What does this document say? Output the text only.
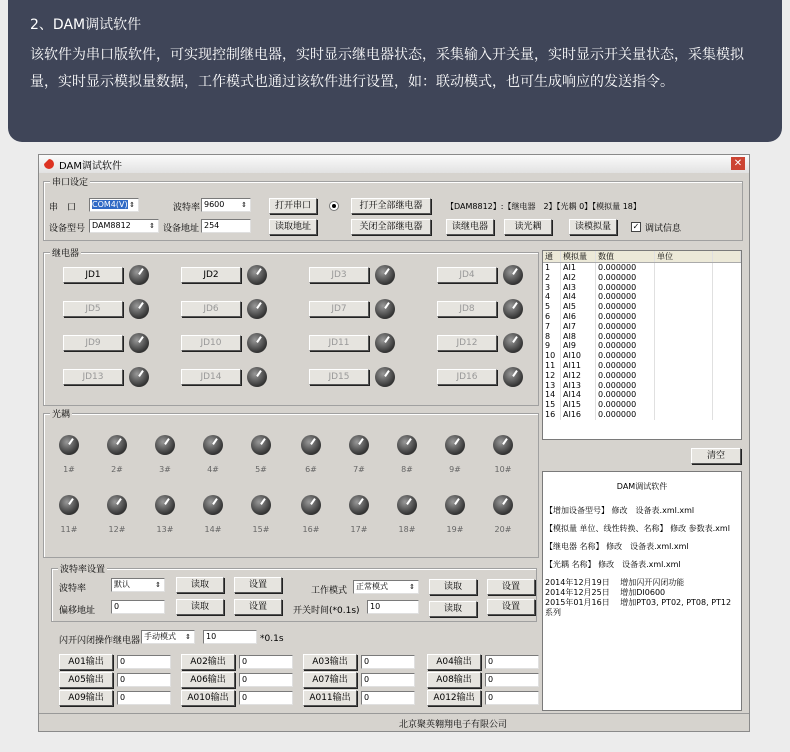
2、DAM调试软件
该软件为串口版软件，可实现控制继电器，实时显示继电器状态，采集输入开关量，实时显示开关量状态，采集模拟量，实时显示模拟量数据，工作模式也通过该软件进行设置，如：联动模式，也可生成响应的发送指令。
DAM调试软件	✕
串口设定
串　口	COM4(V) ⇕	波特率 9600 ⇕
设备型号 DAM8812	⇕ 设备地址 254
打开串口
读取地址
打开全部继电器
关闭全部继电器
【DAM8812】:【继电器　2】【光耦 0】【模拟量 18】
读继电器	读光耦	读模拟量	✓ 调试信息
继电器
JD1	JD2	JD3	JD4
JD5	JD6	JD7	JD8
JD9	JD10	JD11	JD12
JD13	JD14	JD15	JD16
光耦
1#	2#	3#	4#	5#	6#	7#	8#	9#	10#
11#	12#	13#	14#	15#	16#	17#	18#	19#	20#
通	模拟量	数值	单位
1	AI1	0.000000
2	AI2	0.000000
3	AI3	0.000000
4	AI4	0.000000
5	AI5	0.000000
6	AI6	0.000000
7	AI7	0.000000
8	AI8	0.000000
9	AI9	0.000000
10 AI10	0.000000
11 AI11	0.000000
12 AI12	0.000000
13 AI13	0.000000
14 AI14	0.000000
15 AI15	0.000000
16 AI16	0.000000
清空
DAM调试软件
【增加设备型号】 修改　设备表.xml.xml
【模拟量 单位、线性转换、名称】 修改 参数表.xml
【继电器 名称】 修改　设备表.xml.xml
【光耦 名称】 修改　设备表.xml.xml
2014年12月19日　 增加闪开闪闭功能
2014年12月25日　 增加DI0600
2015年01月16日　 增加PT03, PT02, PT08, PT12系列
波特率设置
波特率	默认	⇕	读取	设置
偏移地址	0	读取	设置
工作模式	正常模式	⇕	读取	设置
开关时间(*0.1s)	10	读取	设置
闪开闪闭操作继电器 手动模式 ⇕	10	*0.1s
A01输出	0	A02输出	0	A03输出	0	A04输出	0
A05输出	0	A06输出	0	A07输出	0	A08输出	0
A09输出	0	A010输出	0	A011输出	0	A012输出	0
北京聚英翱翔电子有限公司
